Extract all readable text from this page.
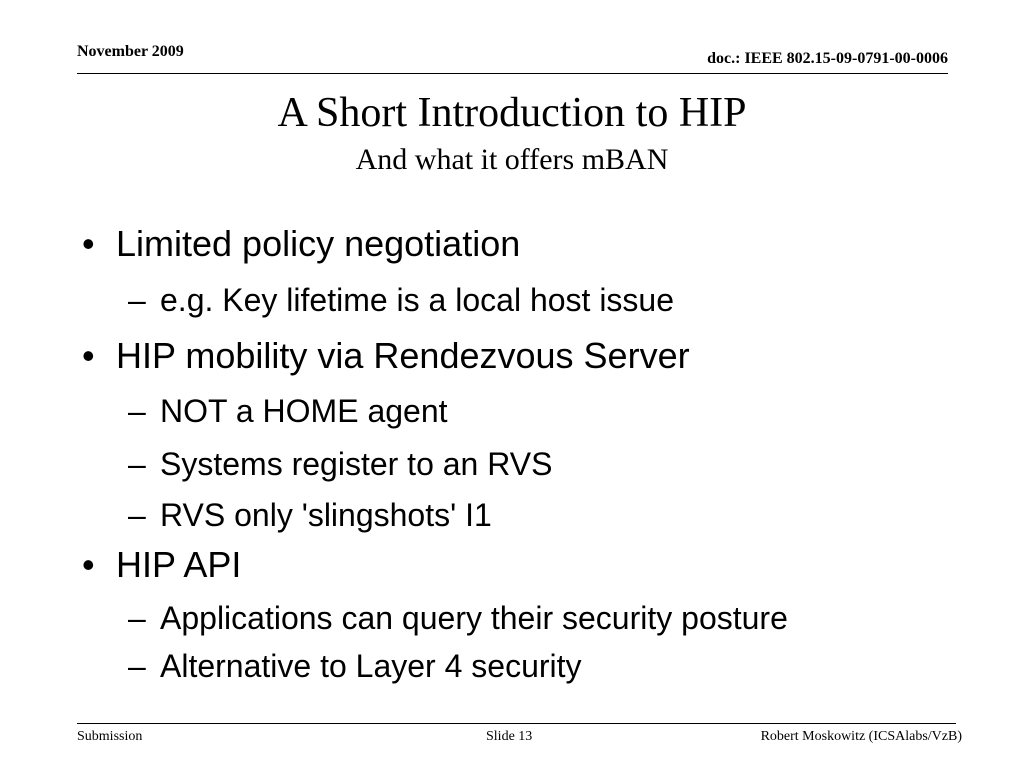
November 2009	doc.: IEEE 802.15-09-0791-00-0006
A Short Introduction to HIP
And what it offers mBAN
• Limited policy negotiation
– e.g. Key lifetime is a local host issue
• HIP mobility via Rendezvous Server
– NOT a HOME agent
– Systems register to an RVS
– RVS only 'slingshots' I1
• HIP API
– Applications can query their security posture
– Alternative to Layer 4 security
Submission	Slide 13	Robert Moskowitz (ICSAlabs/VzB)
